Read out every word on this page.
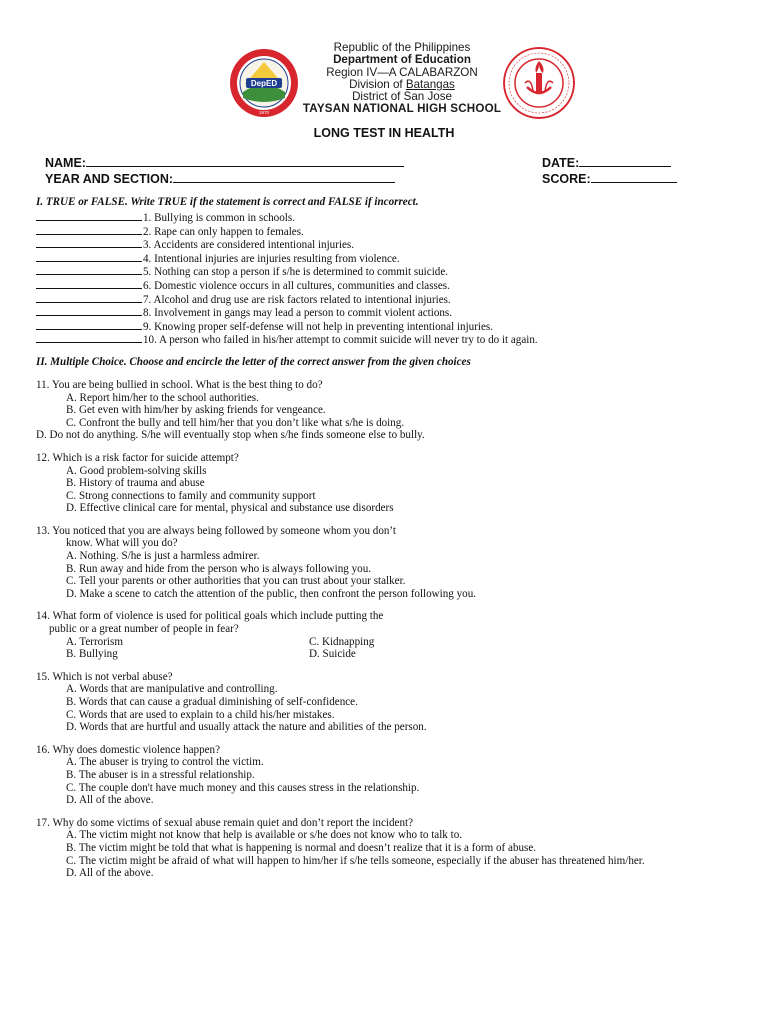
DepED
1970
Republic of the Philippines
Department of Education
Region IV—A CALABARZON
Division of Batangas
District of San Jose
TAYSAN NATIONAL HIGH SCHOOL
LONG TEST IN HEALTH
NAME:
YEAR AND SECTION:
DATE:
SCORE:
I. TRUE or FALSE. Write TRUE if the statement is correct and FALSE if incorrect.
1. Bullying is common in schools.
2. Rape can only happen to females.
3. Accidents are considered intentional injuries.
4. Intentional injuries are injuries resulting from violence.
5. Nothing can stop a person if s/he is determined to commit suicide.
6. Domestic violence occurs in all cultures, communities and classes.
7. Alcohol and drug use are risk factors related to intentional injuries.
8. Involvement in gangs may lead a person to commit violent actions.
9. Knowing proper self-defense will not help in preventing intentional injuries.
10. A person who failed in his/her attempt to commit suicide will never try to do it again.
II. Multiple Choice. Choose and encircle the letter of the correct answer from the given choices
11. You are being bullied in school. What is the best thing to do?
A. Report him/her to the school authorities.
B. Get even with him/her by asking friends for vengeance.
C. Confront the bully and tell him/her that you don’t like what s/he is doing.
D. Do not do anything. S/he will eventually stop when s/he finds someone else to bully.
12. Which is a risk factor for suicide attempt?
A. Good problem-solving skills
B. History of trauma and abuse
C. Strong connections to family and community support
D. Effective clinical care for mental, physical and substance use disorders
13. You noticed that you are always being followed by someone whom you don’t
know. What will you do?
A. Nothing. S/he is just a harmless admirer.
B. Run away and hide from the person who is always following you.
C. Tell your parents or other authorities that you can trust about your stalker.
D. Make a scene to catch the attention of the public, then confront the person following you.
14. What form of violence is used for political goals which include putting the
public or a great number of people in fear?
A. Terrorism	C. Kidnapping
B. Bullying	D. Suicide
15. Which is not verbal abuse?
A. Words that are manipulative and controlling.
B. Words that can cause a gradual diminishing of self-confidence.
C. Words that are used to explain to a child his/her mistakes.
D. Words that are hurtful and usually attack the nature and abilities of the person.
16. Why does domestic violence happen?
A. The abuser is trying to control the victim.
B. The abuser is in a stressful relationship.
C. The couple don't have much money and this causes stress in the relationship.
D. All of the above.
17. Why do some victims of sexual abuse remain quiet and don’t report the incident?
A. The victim might not know that help is available or s/he does not know who to talk to.
B. The victim might be told that what is happening is normal and doesn’t realize that it is a form of abuse.
C. The victim might be afraid of what will happen to him/her if s/he tells someone, especially if the abuser has threatened him/her.
D. All of the above.
